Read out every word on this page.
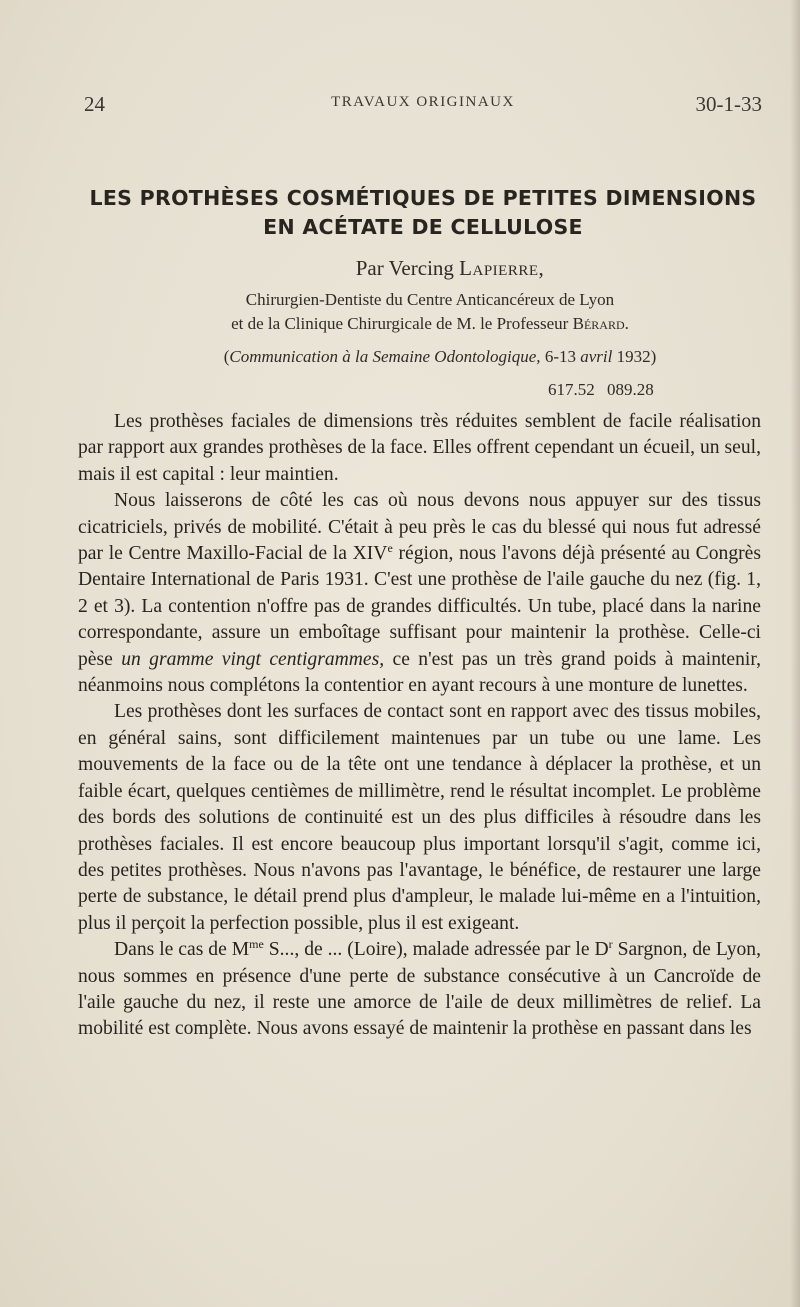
24	TRAVAUX ORIGINAUX	30-1-33
LES PROTHÈSES COSMÉTIQUES DE PETITES DIMENSIONS
EN ACÉTATE DE CELLULOSE
Par Vercing Lapierre,
Chirurgien-Dentiste du Centre Anticancéreux de Lyon
et de la Clinique Chirurgicale de M. le Professeur Bérard.
(Communication à la Semaine Odontologique, 6-13 avril 1932)
617.52 089.28

Les prothèses faciales de dimensions très réduites semblent de facile réalisation par rapport aux grandes prothèses de la face. Elles offrent cependant un écueil, un seul, mais il est capital : leur maintien.

Nous laisserons de côté les cas où nous devons nous appuyer sur des tissus cicatriciels, privés de mobilité. C'était à peu près le cas du blessé qui nous fut adressé par le Centre Maxillo-Facial de la XIVe région, nous l'avons déjà présenté au Congrès Dentaire International de Paris 1931. C'est une prothèse de l'aile gauche du nez (fig. 1, 2 et 3). La contention n'offre pas de grandes difficultés. Un tube, placé dans la narine correspondante, assure un emboîtage suffisant pour maintenir la prothèse. Celle-ci pèse un gramme vingt centigrammes, ce n'est pas un très grand poids à maintenir, néanmoins nous complétons la contentior en ayant recours à une monture de lunettes.

Les prothèses dont les surfaces de contact sont en rapport avec des tissus mobiles, en général sains, sont difficilement maintenues par un tube ou une lame. Les mouvements de la face ou de la tête ont une tendance à déplacer la prothèse, et un faible écart, quelques centièmes de millimètre, rend le résultat incomplet. Le problème des bords des solutions de continuité est un des plus difficiles à résoudre dans les prothèses faciales. Il est encore beaucoup plus important lorsqu'il s'agit, comme ici, des petites prothèses. Nous n'avons pas l'avantage, le bénéfice, de restaurer une large perte de substance, le détail prend plus d'ampleur, le malade lui-même en a l'intuition, plus il perçoit la perfection possible, plus il est exigeant.

Dans le cas de $M^{me}$ S..., de ... (Loire), malade adressée par le $D^r$ Sargnon, de Lyon, nous sommes en présence d'une perte de substance consécutive à un Cancroïde de l'aile gauche du nez, il reste une amorce de l'aile de deux millimètres de relief. La mobilité est complète. Nous avons essayé de maintenir la prothèse en passant dans les
